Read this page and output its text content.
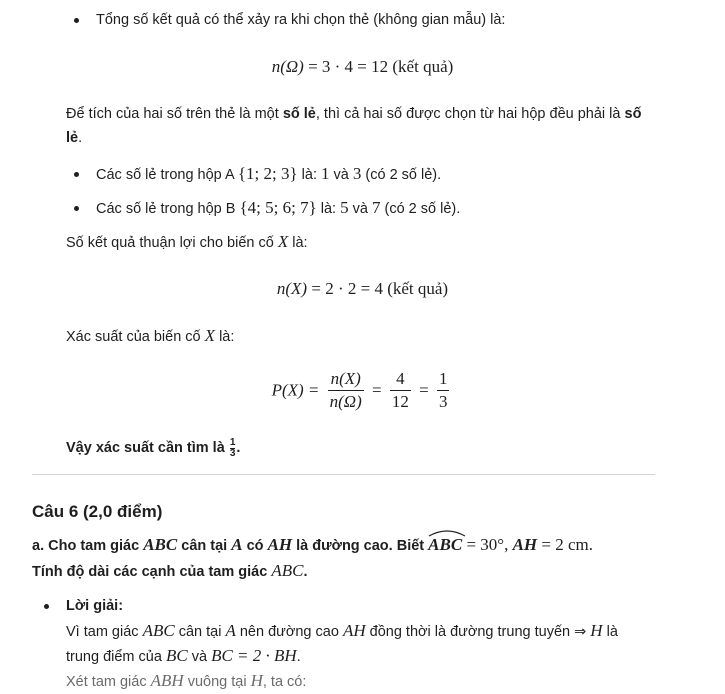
Tổng số kết quả có thể xảy ra khi chọn thẻ (không gian mẫu) là:
n(Ω) = 3 · 4 = 12 (kết quả)
Để tích của hai số trên thẻ là một số lẻ, thì cả hai số được chọn từ hai hộp đều phải là số
lẻ.
Các số lẻ trong hộp A {1; 2; 3} là: 1 và 3 (có 2 số lẻ).
Các số lẻ trong hộp B {4; 5; 6; 7} là: 5 và 7 (có 2 số lẻ).
Số kết quả thuận lợi cho biến cố X là:
n(X) = 2 · 2 = 4 (kết quả)
Xác suất của biến cố X là:
$P(X) = \frac{n(X)}{n(\Omega)} = \frac{4}{12} = \frac{1}{3}$
Vậy xác suất cần tìm là $\frac{1}{3}$ .
Câu 6 (2,0 điểm)
a. Cho tam giác ABC cân tại A có AH là đường cao. Biết
ABC = 30°, AH = 2 cm.
Tính độ dài các cạnh của tam giác ABC.
Lời giải:
Vì tam giác ABC cân tại A nên đường cao AH đồng thời là đường trung tuyến ⇒ H là
trung điểm của BC và BC = 2 · BH.
Xét tam giác ABH vuông tại H, ta có:
